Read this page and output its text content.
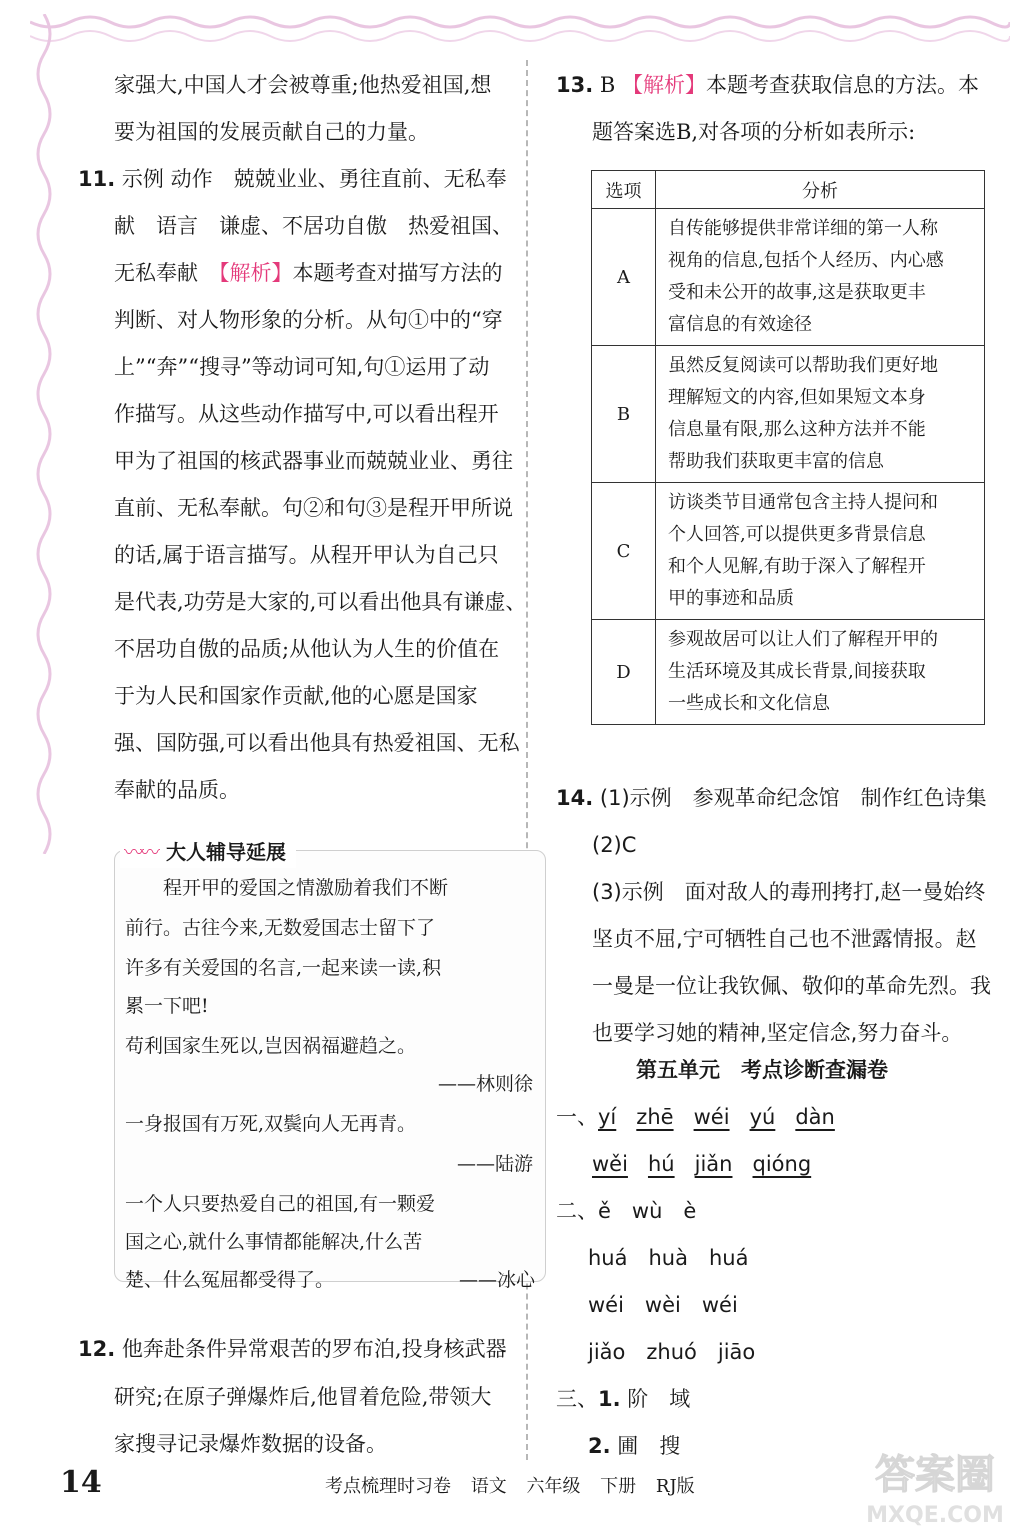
家强大,中国人才会被尊重;他热爱祖国,想
要为祖国的发展贡献自己的力量。
11. 示例 动作　兢兢业业、勇往直前、无私奉
献　语言　谦虚、不居功自傲　热爱祖国、
无私奉献　【解析】本题考查对描写方法的
判断、对人物形象的分析。从句①中的“穿
上”“奔”“搜寻”等动词可知,句①运用了动
作描写。从这些动作描写中,可以看出程开
甲为了祖国的核武器事业而兢兢业业、勇往
直前、无私奉献。句②和句③是程开甲所说
的话,属于语言描写。从程开甲认为自己只
是代表,功劳是大家的,可以看出他具有谦虚、
不居功自傲的品质;从他认为人生的价值在
于为人民和国家作贡献,他的心愿是国家
强、国防强,可以看出他具有热爱祖国、无私
奉献的品质。
　　程开甲的爱国之情激励着我们不断
前行。古往今来,无数爱国志士留下了
许多有关爱国的名言,一起来读一读,积
累一下吧!
苟利国家生死以,岂因祸福避趋之。
——林则徐
一身报国有万死,双鬓向人无再青。
——陆游
一个人只要热爱自己的祖国,有一颗爱
国之心,就什么事情都能解决,什么苦
楚、什么冤屈都受得了。	——冰心
〰〰 大人辅导延展
12. 他奔赴条件异常艰苦的罗布泊,投身核武器
研究;在原子弹爆炸后,他冒着危险,带领大
家搜寻记录爆炸数据的设备。
13. B 【解析】本题考查获取信息的方法。本
题答案选B,对各项的分析如表所示:
选项	分析
A	自传能够提供非常详细的第一人称
视角的信息,包括个人经历、内心感
受和未公开的故事,这是获取更丰
富信息的有效途径

B	虽然反复阅读可以帮助我们更好地
理解短文的内容,但如果短文本身
信息量有限,那么这种方法并不能
帮助我们获取更丰富的信息

C	访谈类节目通常包含主持人提问和
个人回答,可以提供更多背景信息
和个人见解,有助于深入了解程开
甲的事迹和品质

D	参观故居可以让人们了解程开甲的
生活环境及其成长背景,间接获取
一些成长和文化信息
14. (1)示例　参观革命纪念馆　制作红色诗集
(2)C
(3)示例　面对敌人的毒刑拷打,赵一曼始终
坚贞不屈,宁可牺牲自己也不泄露情报。赵
一曼是一位让我钦佩、敬仰的革命先烈。我
也要学习她的精神,坚定信念,努力奋斗。
第五单元　考点诊断查漏卷
一、yí zhē wéi yú dàn
wěi hú jiǎn qióng
二、ě　wù　è
huá　huà　huá
wéi　wèi　wéi
jiǎo　zhuó　jiāo
三、1. 阶　域
2. 圃　搜
14	考点梳理时习卷 语文 六年级 下册 RJ版	答案圈
MXQE.COM
